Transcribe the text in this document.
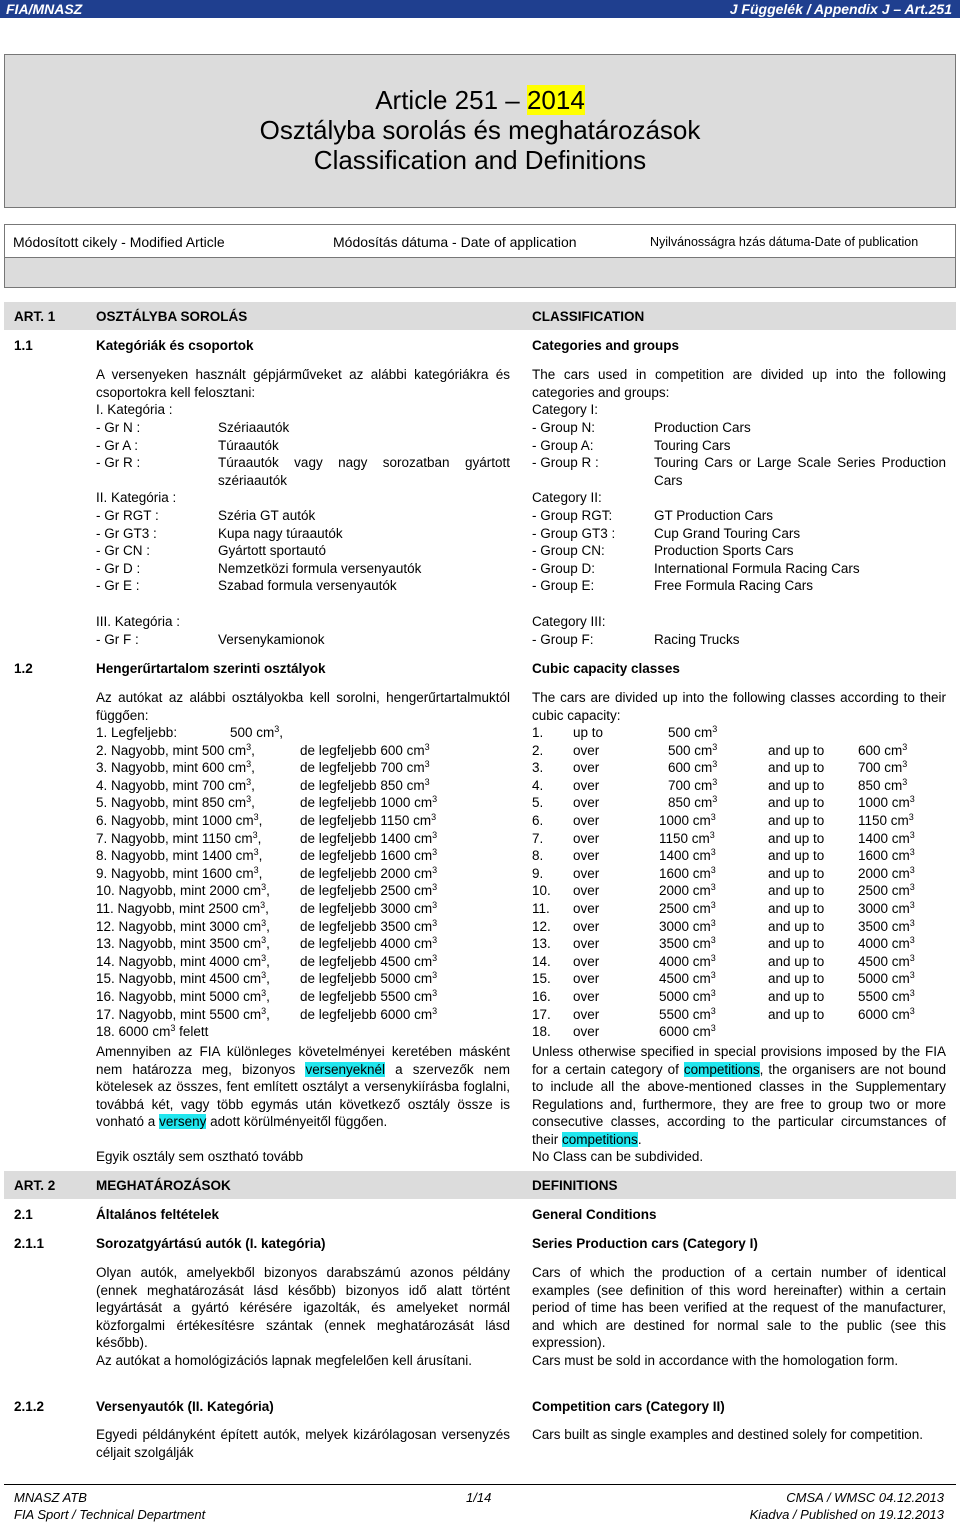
FIA/MNASZ	J Függelék / Appendix J – Art.251
Article 251 – 2014
Osztályba sorolás és meghatározások
Classification and Definitions
Módosított cikely - Modified Article	Módosítás dátuma - Date of application	Nyilvánosságra hzás dátuma-Date of publication
ART. 1	OSZTÁLYBA SOROLÁS	CLASSIFICATION
1.1	Kategóriák és csoportok	Categories and groups
A versenyeken használt gépjárműveket az alábbi kategóriákra és csoportokra kell felosztani:
The cars used in competition are divided up into the following categories and groups:
I. Kategória :	Category I:
- Gr N :	Szériaautók
- Gr A :	Túraautók
- Gr R :	Túraautók vagy nagy sorozatban gyártott szériaautók
- Group N:	Production Cars
- Group A:	Touring Cars
- Group R :	Touring Cars or Large Scale Series Production Cars
II. Kategória :	Category II:
- Gr RGT :	Széria GT autók
- Gr GT3 :	Kupa nagy túraautók
- Gr CN :	Gyártott sportautó
- Gr D :	Nemzetközi formula versenyautók
- Gr E :	Szabad formula versenyautók
- Group RGT:	GT Production Cars
- Group GT3 :	Cup Grand Touring Cars
- Group CN:	Production Sports Cars
- Group D:	International Formula Racing Cars
- Group E:	Free Formula Racing Cars
III. Kategória :	Category III:
- Gr F :	Versenykamionok	- Group F:	Racing Trucks
1.2	Hengerűrtartalom szerinti osztályok	Cubic capacity classes
Az autókat az alábbi osztályokba kell sorolni, hengerűrtartalmuktól függően:
The cars are divided up into the following classes according to their cubic capacity:
1. Legfeljebb:	500 $cm^3$,
2. Nagyobb, mint 500 $cm^3$,	de legfeljebb 600 $cm^3$
3. Nagyobb, mint 600 $cm^3$,	de legfeljebb 700 $cm^3$
4. Nagyobb, mint 700 $cm^3$,	de legfeljebb 850 $cm^3$
5. Nagyobb, mint 850 $cm^3$,	de legfeljebb 1000 $cm^3$
6. Nagyobb, mint 1000 $cm^3$,	de legfeljebb 1150 $cm^3$
7. Nagyobb, mint 1150 $cm^3$,	de legfeljebb 1400 $cm^3$
8. Nagyobb, mint 1400 $cm^3$,	de legfeljebb 1600 $cm^3$
9. Nagyobb, mint 1600 $cm^3$,	de legfeljebb 2000 $cm^3$
10. Nagyobb, mint 2000 $cm^3$, de legfeljebb 2500 $cm^3$
11. Nagyobb, mint 2500 $cm^3$, de legfeljebb 3000 $cm^3$
12. Nagyobb, mint 3000 $cm^3$, de legfeljebb 3500 $cm^3$
13. Nagyobb, mint 3500 $cm^3$, de legfeljebb 4000 $cm^3$
14. Nagyobb, mint 4000 $cm^3$, de legfeljebb 4500 $cm^3$
15. Nagyobb, mint 4500 $cm^3$, de legfeljebb 5000 $cm^3$
16. Nagyobb, mint 5000 $cm^3$, de legfeljebb 5500 $cm^3$
17. Nagyobb, mint 5500 $cm^3$, de legfeljebb 6000 $cm^3$
18. 6000 $cm^3$ felett
1. up to	500 $cm^3$
2. over	500 $cm^3$	and up to 600 $cm^3$
3. over	600 $cm^3$	and up to 700 $cm^3$
4. over	700 $cm^3$	and up to 850 $cm^3$
5. over	850 $cm^3$	and up to 1000 $cm^3$
6. over	1000 $cm^3$	and up to 1150 $cm^3$
7. over	1150 $cm^3$	and up to 1400 $cm^3$
8. over	1400 $cm^3$	and up to 1600 $cm^3$
9. over	1600 $cm^3$	and up to 2000 $cm^3$
10. over	2000 $cm^3$	and up to 2500 $cm^3$
11. over	2500 $cm^3$	and up to 3000 $cm^3$
12. over	3000 $cm^3$	and up to 3500 $cm^3$
13. over	3500 $cm^3$	and up to 4000 $cm^3$
14. over	4000 $cm^3$	and up to 4500 $cm^3$
15. over	4500 $cm^3$	and up to 5000 $cm^3$
16. over	5000 $cm^3$	and up to 5500 $cm^3$
17. over	5500 $cm^3$	and up to 6000 $cm^3$
18. over	6000 $cm^3$
Amennyiben az FIA különleges követelményei keretében másként nem határozza meg, bizonyos versenyeknél a szervezők nem kötelesek az összes, fent említett osztályt a versenykiírásba foglalni, továbbá két, vagy több egymás után következő osztály össze is vonható a verseny adott körülményeitől függően.
Unless otherwise specified in special provisions imposed by the FIA for a certain category of competitions, the organisers are not bound to include all the above-mentioned classes in the Supplementary Regulations and, furthermore, they are free to group two or more consecutive classes, according to the particular circumstances of their competitions.
Egyik osztály sem osztható tovább	No Class can be subdivided.
ART. 2	MEGHATÁROZÁSOK	DEFINITIONS
2.1	Általános feltételek	General Conditions
2.1.1	Sorozatgyártású autók (I. kategória)	Series Production cars (Category I)
Olyan autók, amelyekből bizonyos darabszámú azonos példány (ennek meghatározását lásd később) bizonyos idő alatt történt legyártását a gyártó kérésére igazolták, és amelyeket normál közforgalmi értékesítésre szántak (ennek meghatározását lásd később).
Az autókat a homológizációs lapnak megfelelően kell árusítani.
Cars of which the production of a certain number of identical examples (see definition of this word hereinafter) within a certain period of time has been verified at the request of the manufacturer, and which are destined for normal sale to the public (see this expression).
Cars must be sold in accordance with the homologation form.
2.1.2	Versenyautók (II. Kategória)	Competition cars (Category II)
Egyedi példányként épített autók, melyek kizárólagosan versenyzés céljait szolgálják
Cars built as single examples and destined solely for competition.
MNASZ ATB
FIA Sport / Technical Department
1/14	CMSA / WMSC 04.12.2013
Kiadva / Published on 19.12.2013
